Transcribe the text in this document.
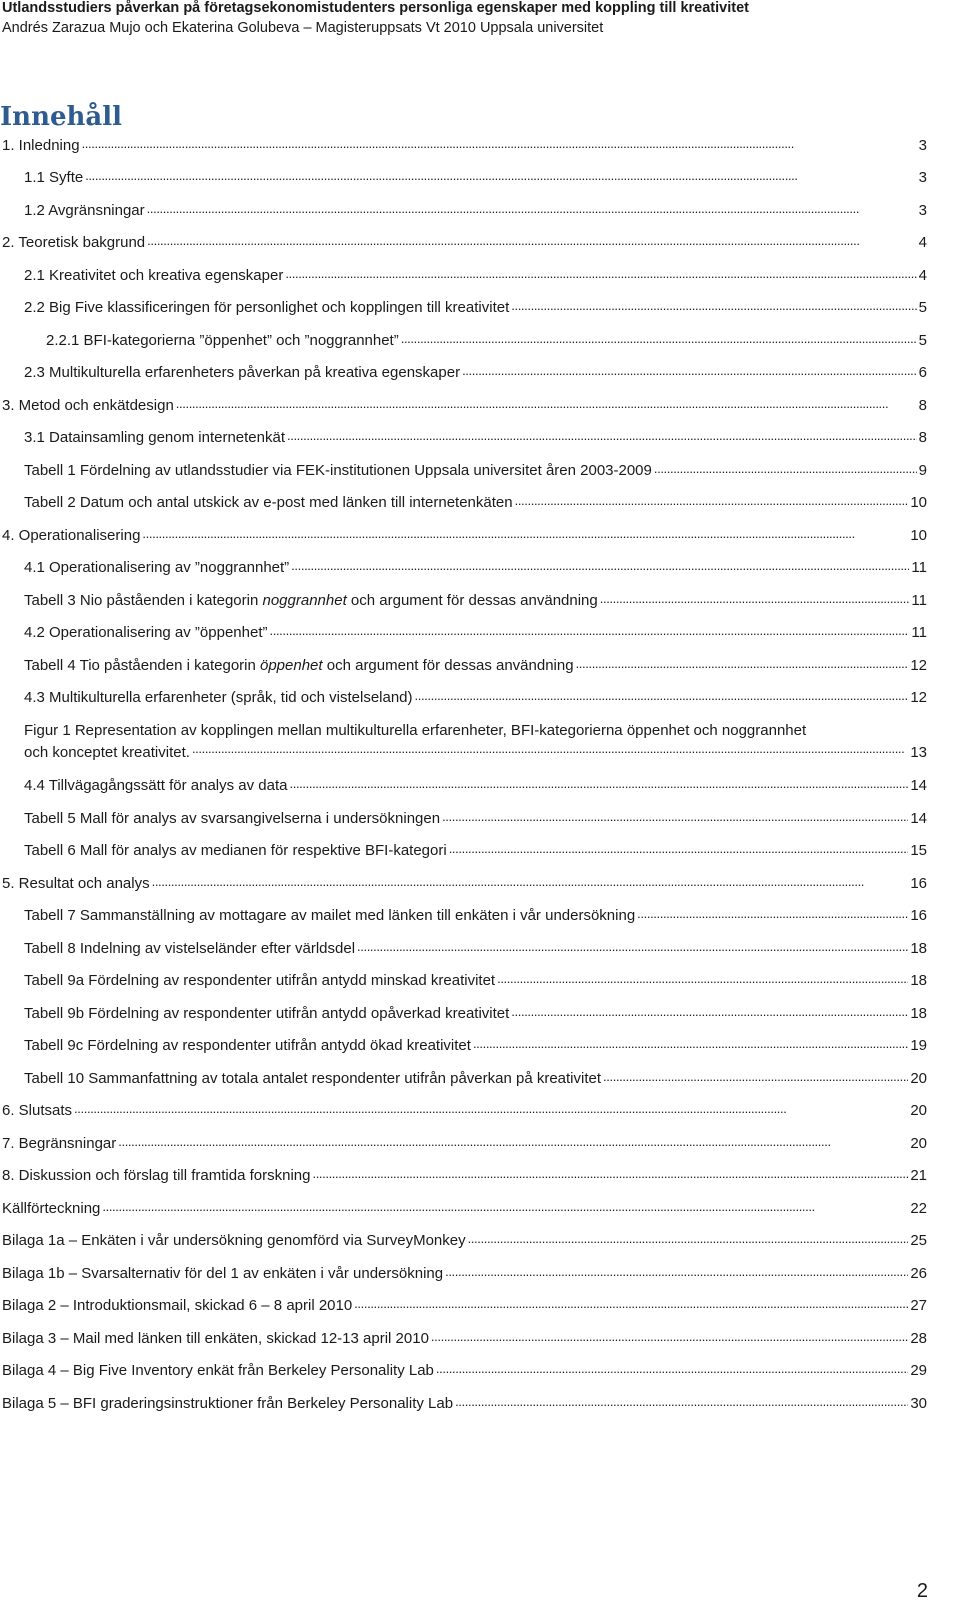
Utlandsstudiers påverkan på företagsekonomistudenters personliga egenskaper med koppling till kreativitet
Andrés Zarazua Mujo och Ekaterina Golubeva – Magisteruppsats Vt 2010 Uppsala universitet
Innehåll
1. Inledning . . .	3
1.1 Syfte . . .	3
1.2 Avgränsningar . . .	3
2. Teoretisk bakgrund . . .	4
2.1 Kreativitet och kreativa egenskaper . . .	4
2.2 Big Five klassificeringen för personlighet och kopplingen till kreativitet . . .	5
2.2.1 BFI-kategorierna ”öppenhet” och ”noggrannhet” . . .	5
2.3 Multikulturella erfarenheters påverkan på kreativa egenskaper . . .	6
3. Metod och enkätdesign . . .	8
3.1 Datainsamling genom internetenkät . . .	8
Tabell 1 Fördelning av utlandsstudier via FEK-institutionen Uppsala universitet åren 2003-2009 . . .	9
Tabell 2 Datum och antal utskick av e-post med länken till internetenkäten . . .	10
4. Operationalisering . . .	10
4.1 Operationalisering av ”noggrannhet” . . .	11
Tabell 3 Nio påståenden i kategorin noggrannhet och argument för dessas användning . . .	11
4.2 Operationalisering av ”öppenhet” . . .	11
Tabell 4 Tio påståenden i kategorin öppenhet och argument för dessas användning . . .	12
4.3 Multikulturella erfarenheter (språk, tid och vistelseland) . . .	12
Figur 1 Representation av kopplingen mellan multikulturella erfarenheter, BFI-kategorierna öppenhet och noggrannhet
och konceptet kreativitet. . . .	13
4.4 Tillvägagångssätt för analys av data . . .	14
Tabell 5 Mall för analys av svarsangivelserna i undersökningen . . .	14
Tabell 6 Mall för analys av medianen för respektive BFI-kategori . . .	15
5. Resultat och analys . . .	16
Tabell 7 Sammanställning av mottagare av mailet med länken till enkäten i vår undersökning . . .	16
Tabell 8 Indelning av vistelseländer efter världsdel . . .	18
Tabell 9a Fördelning av respondenter utifrån antydd minskad kreativitet . . .	18
Tabell 9b Fördelning av respondenter utifrån antydd opåverkad kreativitet . . .	18
Tabell 9c Fördelning av respondenter utifrån antydd ökad kreativitet . . .	19
Tabell 10 Sammanfattning av totala antalet respondenter utifrån påverkan på kreativitet . . .	20
6. Slutsats . . .	20
7. Begränsningar . . .	20
8. Diskussion och förslag till framtida forskning . . .	21
Källförteckning . . .	22
Bilaga 1a – Enkäten i vår undersökning genomförd via SurveyMonkey . . .	25
Bilaga 1b – Svarsalternativ för del 1 av enkäten i vår undersökning . . .	26
Bilaga 2 – Introduktionsmail, skickad 6 – 8 april 2010 . . .	27
Bilaga 3 – Mail med länken till enkäten, skickad 12-13 april 2010 . . .	28
Bilaga 4 – Big Five Inventory enkät från Berkeley Personality Lab . . .	29
Bilaga 5 – BFI graderingsinstruktioner från Berkeley Personality Lab . . .	30
2
